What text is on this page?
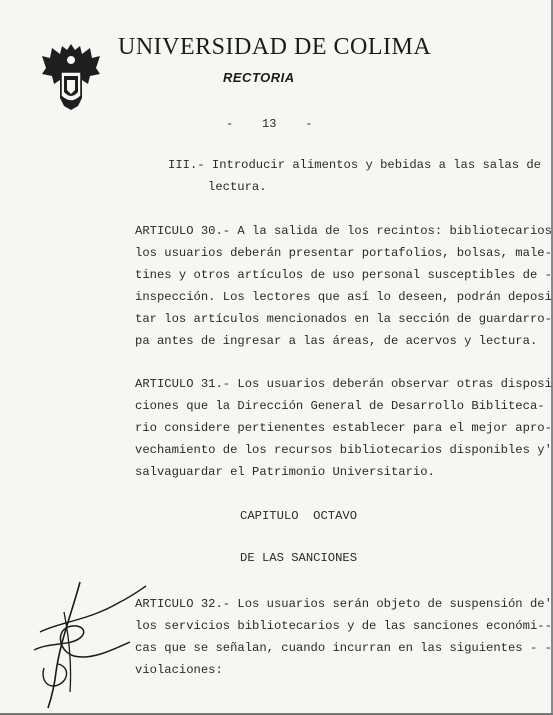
UNIVERSIDAD DE COLIMA
RECTORIA
-    13    -
III.- Introducir alimentos y bebidas a las salas de
lectura.
ARTICULO 30.- A la salida de los recintos: bibliotecarios
los usuarios deberán presentar portafolios, bolsas, male-
tines y otros artículos de uso personal susceptibles de -
inspección. Los lectores que así lo deseen, podrán deposi
tar los artículos mencionados en la sección de guardarro-
pa antes de ingresar a las áreas, de acervos y lectura.
ARTICULO 31.- Los usuarios deberán observar otras disposi
ciones que la Dirección General de Desarrollo Bibliteca-
rio considere pertienentes establecer para el mejor apro-
vechamiento de los recursos bibliotecarios disponibles y'
salvaguardar el Patrimonio Universitario.
CAPITULO  OCTAVO
DE LAS SANCIONES
ARTICULO 32.- Los usuarios serán objeto de suspensión de'
los servicios bibliotecarios y de las sanciones económi--
cas que se señalan, cuando incurran en las siguientes - -
violaciones:
